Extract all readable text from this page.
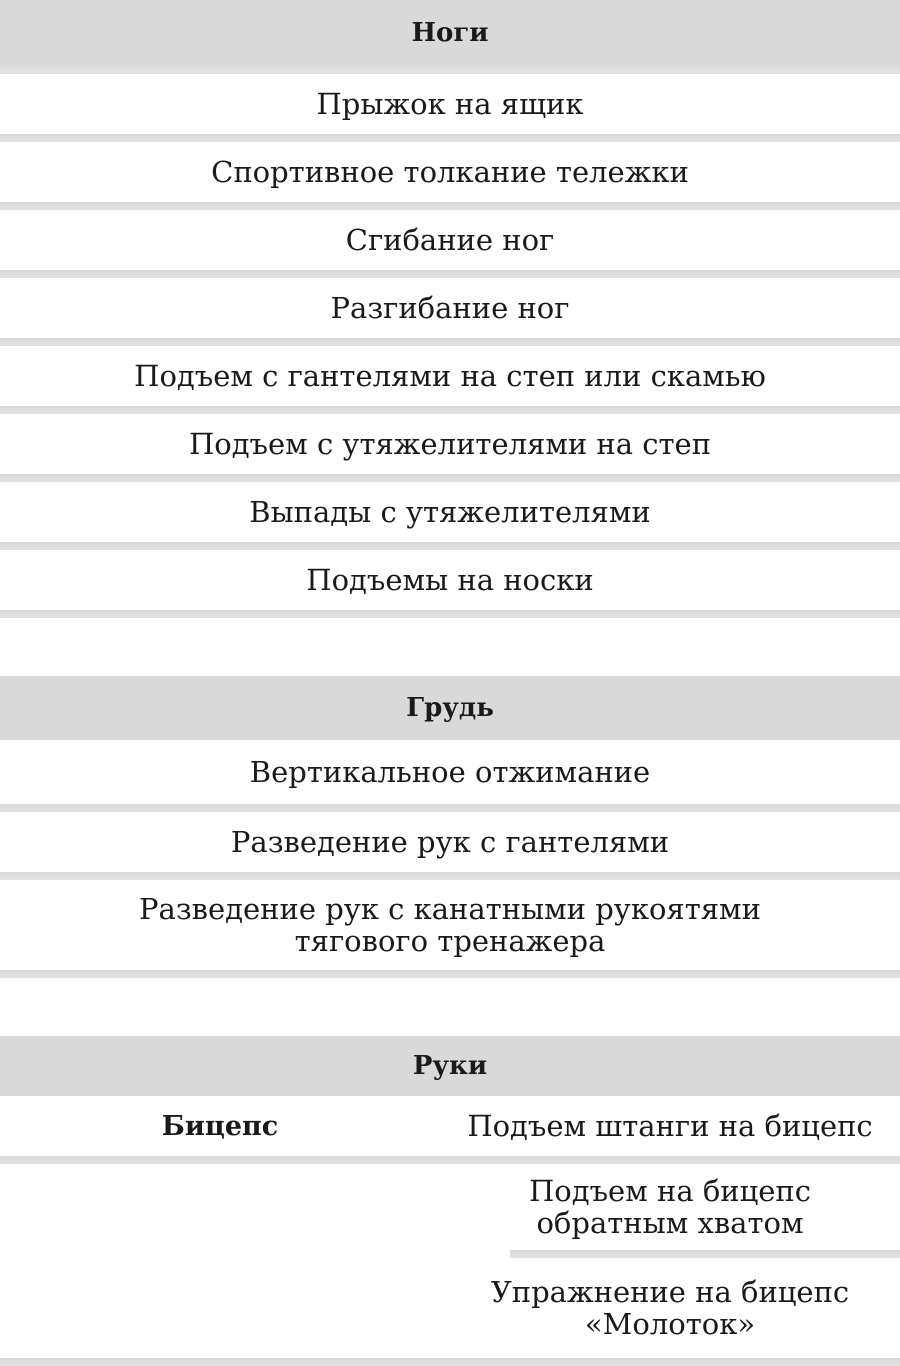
Ноги
Прыжок на ящик
Спортивное толкание тележки
Сгибание ног
Разгибание ног
Подъем с гантелями на степ или скамью
Подъем с утяжелителями на степ
Выпады с утяжелителями
Подъемы на носки
Грудь
Вертикальное отжимание
Разведение рук с гантелями
Разведение рук с канатными рукоятями тягового тренажера
Руки
Бицепс	Подъем штанги на бицепс
Подъем на бицепс обратным хватом
Упражнение на бицепс «Молоток»
